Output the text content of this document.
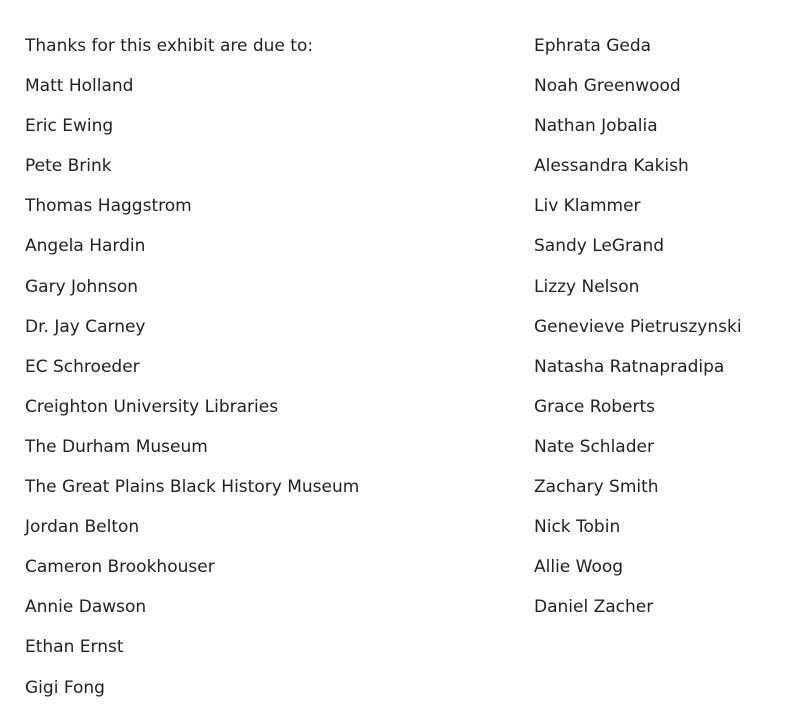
Thanks for this exhibit are due to:
Matt Holland
Eric Ewing
Pete Brink
Thomas Haggstrom
Angela Hardin
Gary Johnson
Dr. Jay Carney
EC Schroeder
Creighton University Libraries
The Durham Museum
The Great Plains Black History Museum
Jordan Belton
Cameron Brookhouser
Annie Dawson
Ethan Ernst
Gigi Fong
Ephrata Geda
Noah Greenwood
Nathan Jobalia
Alessandra Kakish
Liv Klammer
Sandy LeGrand
Lizzy Nelson
Genevieve Pietruszynski
Natasha Ratnapradipa
Grace Roberts
Nate Schlader
Zachary Smith
Nick Tobin
Allie Woog
Daniel Zacher
